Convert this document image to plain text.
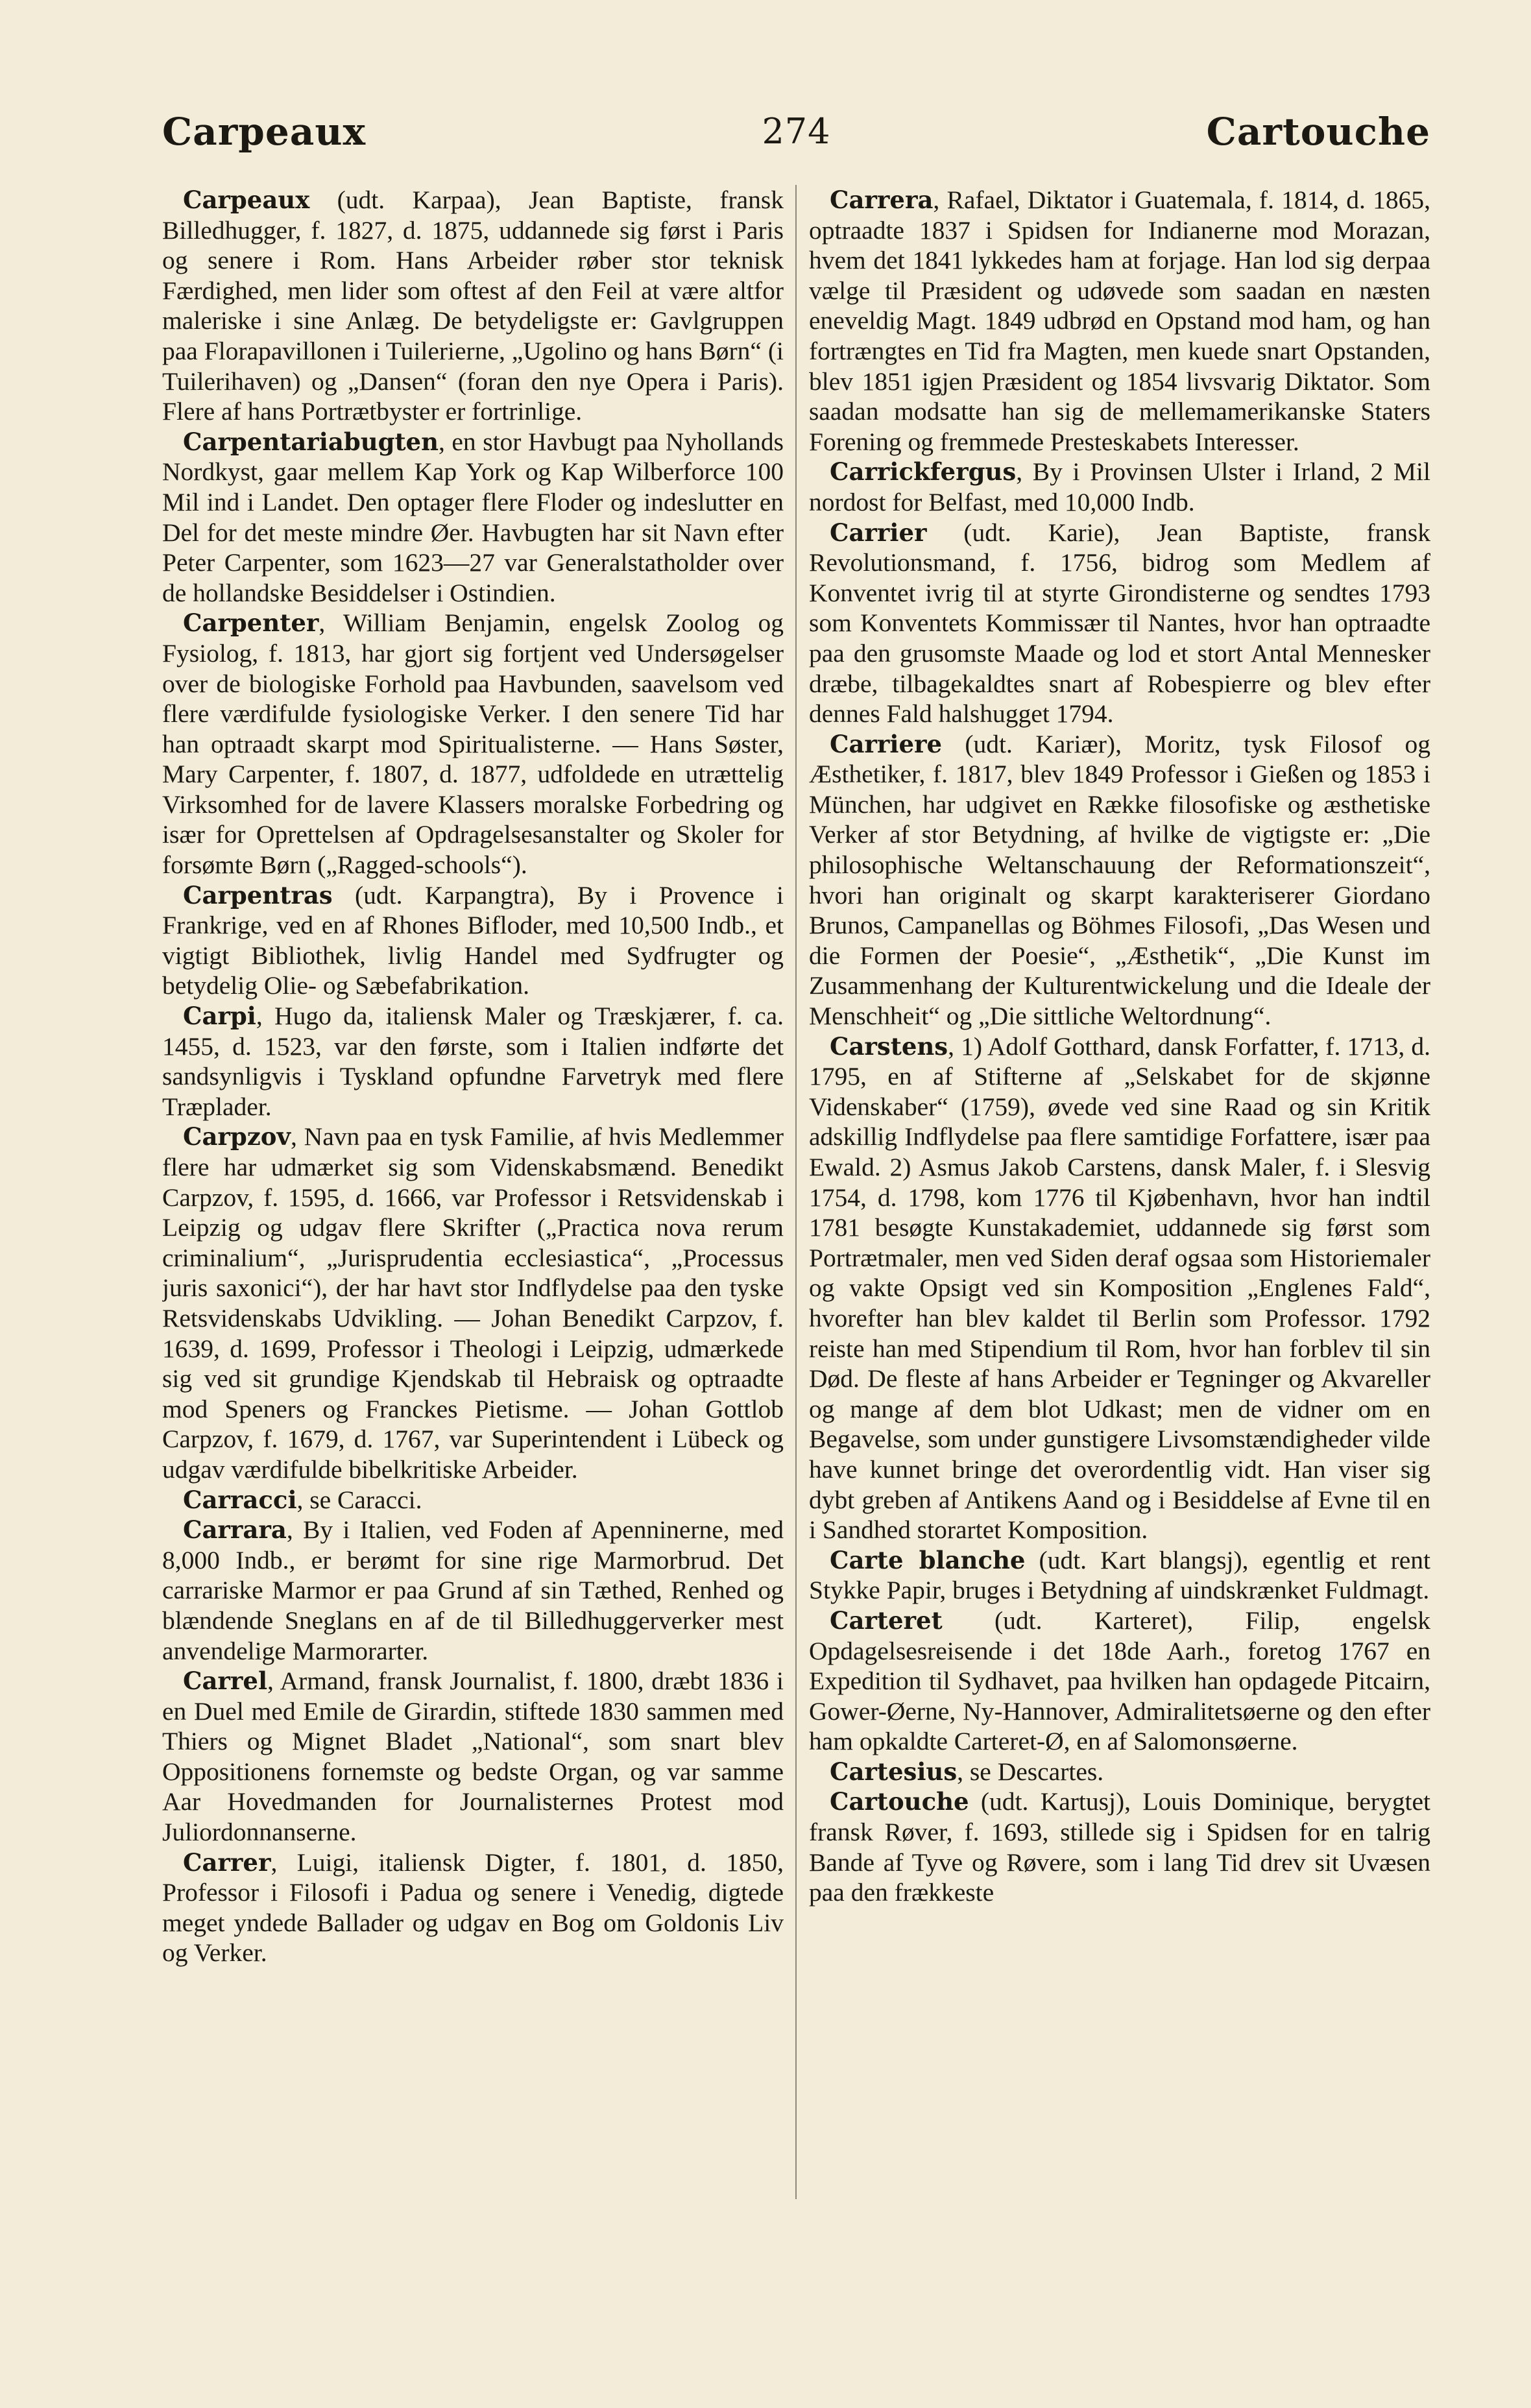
Carpeaux	274	Cartouche

Carpeaux (udt. Karpaa), Jean Baptiste, fransk Billedhugger, f. 1827, d. 1875, uddannede sig først i Paris og senere i Rom. Hans Arbeider røber stor teknisk Færdighed, men lider som oftest af den Feil at være altfor maleriske i sine Anlæg. De betydeligste er: Gavlgruppen paa Florapavillonen i Tuilerierne, „Ugolino og hans Børn“ (i Tuilerihaven) og „Dansen“ (foran den nye Opera i Paris). Flere af hans Portrætbyster er fortrinlige.

Carpentariabugten, en stor Havbugt paa Nyhollands Nordkyst, gaar mellem Kap York og Kap Wilberforce 100 Mil ind i Landet. Den optager flere Floder og indeslutter en Del for det meste mindre Øer. Havbugten har sit Navn efter Peter Carpenter, som 1623—27 var Generalstatholder over de hollandske Besiddelser i Ostindien.

Carpenter, William Benjamin, engelsk Zoolog og Fysiolog, f. 1813, har gjort sig fortjent ved Undersøgelser over de biologiske Forhold paa Havbunden, saavelsom ved flere værdifulde fysiologiske Verker. I den senere Tid har han optraadt skarpt mod Spiritualisterne. — Hans Søster, Mary Carpenter, f. 1807, d. 1877, udfoldede en utrættelig Virksomhed for de lavere Klassers moralske Forbedring og især for Oprettelsen af Opdragelsesanstalter og Skoler for forsømte Børn („Ragged-schools“).

Carpentras (udt. Karpangtra), By i Provence i Frankrige, ved en af Rhones Bifloder, med 10,500 Indb., et vigtigt Bibliothek, livlig Handel med Sydfrugter og betydelig Olie- og Sæbefabrikation.

Carpi, Hugo da, italiensk Maler og Træskjærer, f. ca. 1455, d. 1523, var den første, som i Italien indførte det sandsynligvis i Tyskland opfundne Farvetryk med flere Træplader.

Carpzov, Navn paa en tysk Familie, af hvis Medlemmer flere har udmærket sig som Videnskabsmænd. Benedikt Carpzov, f. 1595, d. 1666, var Professor i Retsvidenskab i Leipzig og udgav flere Skrifter („Practica nova rerum criminalium“, „Jurisprudentia ecclesiastica“, „Processus juris saxonici“), der har havt stor Indflydelse paa den tyske Retsvidenskabs Udvikling. — Johan Benedikt Carpzov, f. 1639, d. 1699, Professor i Theologi i Leipzig, udmærkede sig ved sit grundige Kjendskab til Hebraisk og optraadte mod Speners og Franckes Pietisme. — Johan Gottlob Carpzov, f. 1679, d. 1767, var Superintendent i Lübeck og udgav værdifulde bibelkritiske Arbeider.

Carracci, se Caracci.

Carrara, By i Italien, ved Foden af Apenninerne, med 8,000 Indb., er berømt for sine rige Marmorbrud. Det carrariske Marmor er paa Grund af sin Tæthed, Renhed og blændende Sneglans en af de til Billedhuggerverker mest anvendelige Marmorarter.

Carrel, Armand, fransk Journalist, f. 1800, dræbt 1836 i en Duel med Emile de Girardin, stiftede 1830 sammen med Thiers og Mignet Bladet „National“, som snart blev Oppositionens fornemste og bedste Organ, og var samme Aar Hovedmanden for Journalisternes Protest mod Juliordonnanserne.

Carrer, Luigi, italiensk Digter, f. 1801, d. 1850, Professor i Filosofi i Padua og senere i Venedig, digtede meget yndede Ballader og udgav en Bog om Goldonis Liv og Verker.

Carrera, Rafael, Diktator i Guatemala, f. 1814, d. 1865, optraadte 1837 i Spidsen for Indianerne mod Morazan, hvem det 1841 lykkedes ham at forjage. Han lod sig derpaa vælge til Præsident og udøvede som saadan en næsten eneveldig Magt. 1849 udbrød en Opstand mod ham, og han fortrængtes en Tid fra Magten, men kuede snart Opstanden, blev 1851 igjen Præsident og 1854 livsvarig Diktator. Som saadan modsatte han sig de mellemamerikanske Staters Forening og fremmede Presteskabets Interesser.

Carrickfergus, By i Provinsen Ulster i Irland, 2 Mil nordost for Belfast, med 10,000 Indb.

Carrier (udt. Karie), Jean Baptiste, fransk Revolutionsmand, f. 1756, bidrog som Medlem af Konventet ivrig til at styrte Girondisterne og sendtes 1793 som Konventets Kommissær til Nantes, hvor han optraadte paa den grusomste Maade og lod et stort Antal Mennesker dræbe, tilbagekaldtes snart af Robespierre og blev efter dennes Fald halshugget 1794.

Carriere (udt. Kariær), Moritz, tysk Filosof og Æsthetiker, f. 1817, blev 1849 Professor i Gießen og 1853 i München, har udgivet en Række filosofiske og æsthetiske Verker af stor Betydning, af hvilke de vigtigste er: „Die philosophische Weltanschauung der Reformationszeit“, hvori han originalt og skarpt karakteriserer Giordano Brunos, Campanellas og Böhmes Filosofi, „Das Wesen und die Formen der Poesie“, „Æsthetik“, „Die Kunst im Zusammenhang der Kulturentwickelung und die Ideale der Menschheit“ og „Die sittliche Weltordnung“.

Carstens, 1) Adolf Gotthard, dansk Forfatter, f. 1713, d. 1795, en af Stifterne af „Selskabet for de skjønne Videnskaber“ (1759), øvede ved sine Raad og sin Kritik adskillig Indflydelse paa flere samtidige Forfattere, især paa Ewald. 2) Asmus Jakob Carstens, dansk Maler, f. i Slesvig 1754, d. 1798, kom 1776 til Kjøbenhavn, hvor han indtil 1781 besøgte Kunstakademiet, uddannede sig først som Portrætmaler, men ved Siden deraf ogsaa som Historiemaler og vakte Opsigt ved sin Komposition „Englenes Fald“, hvorefter han blev kaldet til Berlin som Professor. 1792 reiste han med Stipendium til Rom, hvor han forblev til sin Død. De fleste af hans Arbeider er Tegninger og Akvareller og mange af dem blot Udkast; men de vidner om en Begavelse, som under gunstigere Livsomstændigheder vilde have kunnet bringe det overordentlig vidt. Han viser sig dybt greben af Antikens Aand og i Besiddelse af Evne til en i Sandhed storartet Komposition.

Carte blanche (udt. Kart blangsj), egentlig et rent Stykke Papir, bruges i Betydning af uindskrænket Fuldmagt.

Carteret (udt. Karteret), Filip, engelsk Opdagelsesreisende i det 18de Aarh., foretog 1767 en Expedition til Sydhavet, paa hvilken han opdagede Pitcairn, Gower-Øerne, Ny-Hannover, Admiralitetsøerne og den efter ham opkaldte Carteret-Ø, en af Salomonsøerne.

Cartesius, se Descartes.

Cartouche (udt. Kartusj), Louis Dominique, berygtet fransk Røver, f. 1693, stillede sig i Spidsen for en talrig Bande af Tyve og Røvere, som i lang Tid drev sit Uvæsen paa den frækkeste
